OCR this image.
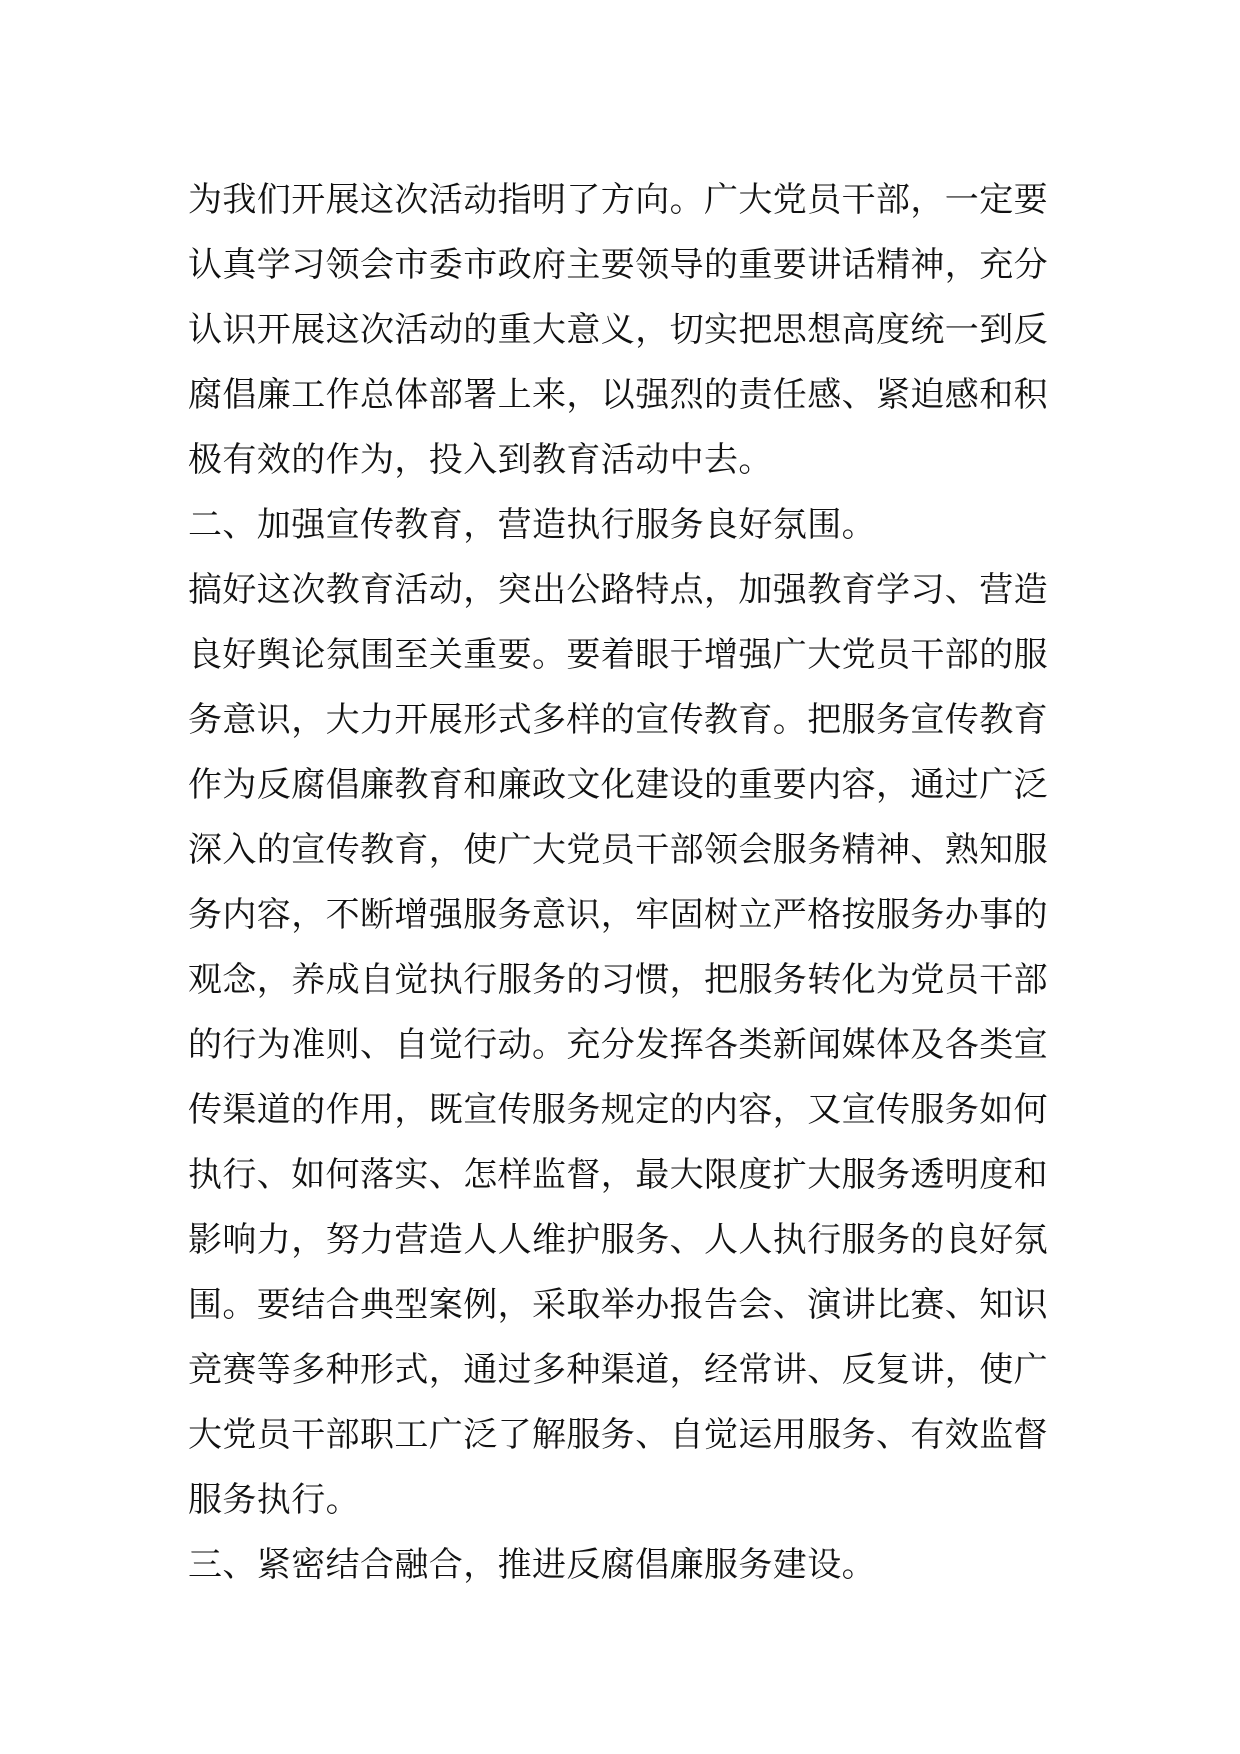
为我们开展这次活动指明了方向。广大党员干部，一定要

认真学习领会市委市政府主要领导的重要讲话精神，充分

认识开展这次活动的重大意义，切实把思想高度统一到反

腐倡廉工作总体部署上来，以强烈的责任感、紧迫感和积

极有效的作为，投入到教育活动中去。

二、加强宣传教育，营造执行服务良好氛围。

搞好这次教育活动，突出公路特点，加强教育学习、营造

良好舆论氛围至关重要。要着眼于增强广大党员干部的服

务意识，大力开展形式多样的宣传教育。把服务宣传教育

作为反腐倡廉教育和廉政文化建设的重要内容，通过广泛

深入的宣传教育，使广大党员干部领会服务精神、熟知服

务内容，不断增强服务意识，牢固树立严格按服务办事的

观念，养成自觉执行服务的习惯，把服务转化为党员干部

的行为准则、自觉行动。充分发挥各类新闻媒体及各类宣

传渠道的作用，既宣传服务规定的内容，又宣传服务如何

执行、如何落实、怎样监督，最大限度扩大服务透明度和

影响力，努力营造人人维护服务、人人执行服务的良好氛

围。要结合典型案例，采取举办报告会、演讲比赛、知识

竞赛等多种形式，通过多种渠道，经常讲、反复讲，使广

大党员干部职工广泛了解服务、自觉运用服务、有效监督

服务执行。

三、紧密结合融合，推进反腐倡廉服务建设。
